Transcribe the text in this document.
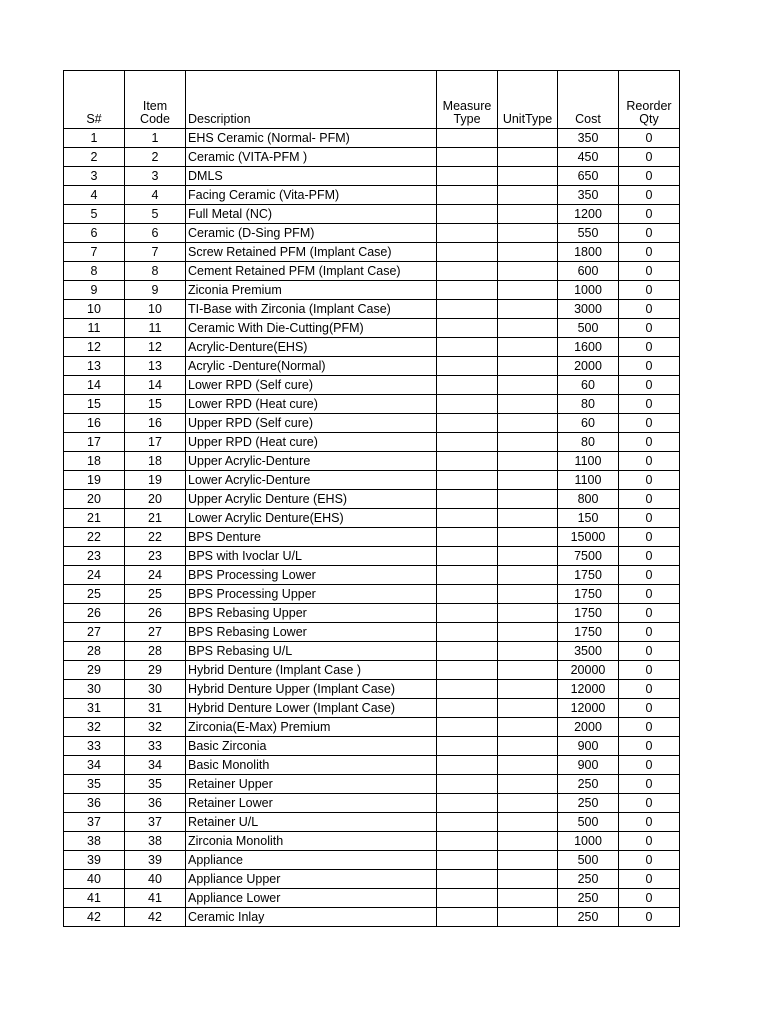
S#	Item Code	Description	MeasureType	UnitType	Cost	Reorder Qty
1	1	EHS Ceramic (Normal- PFM)			350	0
2	2	Ceramic (VITA-PFM )			450	0
3	3	DMLS			650	0
4	4	Facing Ceramic (Vita-PFM)			350	0
5	5	Full Metal (NC)			1200	0
6	6	Ceramic (D-Sing PFM)			550	0
7	7	Screw Retained PFM (Implant Case)			1800	0
8	8	Cement Retained PFM (Implant Case)			600	0
9	9	Ziconia Premium			1000	0
10	10	TI-Base with Zirconia (Implant Case)			3000	0
11	11	Ceramic With Die-Cutting(PFM)			500	0
12	12	Acrylic-Denture(EHS)			1600	0
13	13	Acrylic -Denture(Normal)			2000	0
14	14	Lower RPD (Self cure)			60	0
15	15	Lower RPD (Heat cure)			80	0
16	16	Upper RPD (Self cure)			60	0
17	17	Upper RPD (Heat cure)			80	0
18	18	Upper Acrylic-Denture			1100	0
19	19	Lower Acrylic-Denture			1100	0
20	20	Upper Acrylic Denture (EHS)			800	0
21	21	Lower Acrylic Denture(EHS)			150	0
22	22	BPS Denture			15000	0
23	23	BPS with Ivoclar U/L			7500	0
24	24	BPS Processing Lower			1750	0
25	25	BPS Processing Upper			1750	0
26	26	BPS Rebasing Upper			1750	0
27	27	BPS Rebasing Lower			1750	0
28	28	BPS Rebasing U/L			3500	0
29	29	Hybrid Denture (Implant Case )			20000	0
30	30	Hybrid Denture Upper (Implant Case)			12000	0
31	31	Hybrid Denture Lower (Implant Case)			12000	0
32	32	Zirconia(E-Max) Premium			2000	0
33	33	Basic Zirconia			900	0
34	34	Basic Monolith			900	0
35	35	Retainer Upper			250	0
36	36	Retainer Lower			250	0
37	37	Retainer U/L			500	0
38	38	Zirconia Monolith			1000	0
39	39	Appliance			500	0
40	40	Appliance Upper			250	0
41	41	Appliance Lower			250	0
42	42	Ceramic Inlay			250	0
